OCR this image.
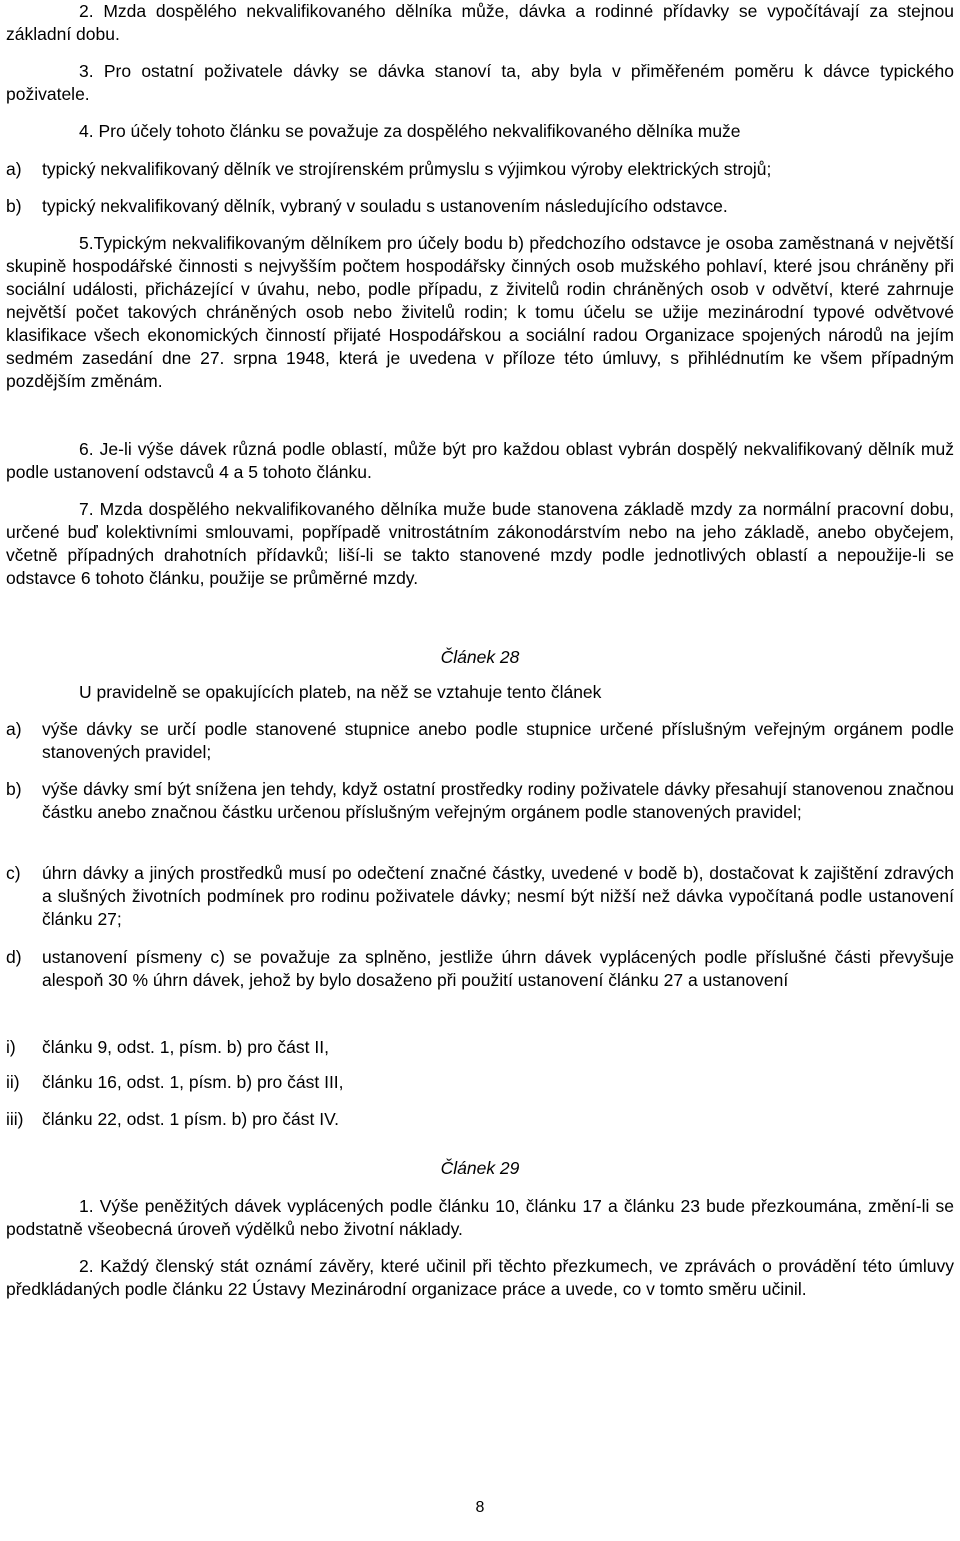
2. Mzda dospělého nekvalifikovaného dělníka může, dávka a rodinné přídavky se vypočítávají za stejnou základní dobu.

3. Pro ostatní poživatele dávky se dávka stanoví ta, aby byla v přiměřeném poměru k dávce typického poživatele.

4. Pro účely tohoto článku se považuje za dospělého nekvalifikovaného dělníka muže

a)	typický nekvalifikovaný dělník ve strojírenském průmyslu s výjimkou výroby elektrických strojů;
b)	typický nekvalifikovaný dělník, vybraný v souladu s ustanovením následujícího odstavce.

5.Typickým nekvalifikovaným dělníkem pro účely bodu b) předchozího odstavce je osoba zaměstnaná v největší skupině hospodářské činnosti s nejvyšším počtem hospodářsky činných osob mužského pohlaví, které jsou chráněny při sociální události, přicházející v úvahu, nebo, podle případu, z živitelů rodin chráněných osob v odvětví, které zahrnuje největší počet takových chráněných osob nebo živitelů rodin; k tomu účelu se užije mezinárodní typové odvětvové klasifikace všech ekonomických činností přijaté Hospodářskou a sociální radou Organizace spojených národů na jejím sedmém zasedání dne 27. srpna 1948, která je uvedena v příloze této úmluvy, s přihlédnutím ke všem případným pozdějším změnám.

6. Je-li výše dávek různá podle oblastí, může být pro každou oblast vybrán dospělý nekvalifikovaný dělník muž podle ustanovení odstavců 4 a 5 tohoto článku.

7. Mzda dospělého nekvalifikovaného dělníka muže bude stanovena základě mzdy za normální pracovní dobu, určené buď kolektivními smlouvami, popřípadě vnitrostátním zákonodárstvím nebo na jeho základě, anebo obyčejem, včetně případných drahotních přídavků; liší-li se takto stanovené mzdy podle jednotlivých oblastí a nepoužije-li se odstavce 6 tohoto článku, použije se průměrné mzdy.

Článek 28

U pravidelně se opakujících plateb, na něž se vztahuje tento článek

a)	výše dávky se určí podle stanovené stupnice anebo podle stupnice určené příslušným veřejným orgánem podle stanovených pravidel;
b)	výše dávky smí být snížena jen tehdy, když ostatní prostředky rodiny poživatele dávky přesahují stanovenou značnou částku anebo značnou částku určenou příslušným veřejným orgánem podle stanovených pravidel;
c)	úhrn dávky a jiných prostředků musí po odečtení značné částky, uvedené v bodě b), dostačovat k zajištění zdravých a slušných životních podmínek pro rodinu poživatele dávky; nesmí být nižší než dávka vypočítaná podle ustanovení článku 27;
d)	ustanovení písmeny c) se považuje za splněno, jestliže úhrn dávek vyplácených podle příslušné části převyšuje alespoň 30 % úhrn dávek, jehož by bylo dosaženo při použití ustanovení článku 27 a ustanovení
i)	článku 9, odst. 1, písm. b) pro část II,
ii)	článku 16, odst. 1, písm. b) pro část III,
iii)	článku 22, odst. 1 písm. b) pro část IV.
Článek 29

1. Výše peněžitých dávek vyplácených podle článku 10, článku 17 a článku 23 bude přezkoumána, změní-li se podstatně všeobecná úroveň výdělků nebo životní náklady.

2. Každý členský stát oznámí závěry, které učinil při těchto přezkumech, ve zprávách o provádění této úmluvy předkládaných podle článku 22 Ústavy Mezinárodní organizace práce a uvede, co v tomto směru učinil.

8
